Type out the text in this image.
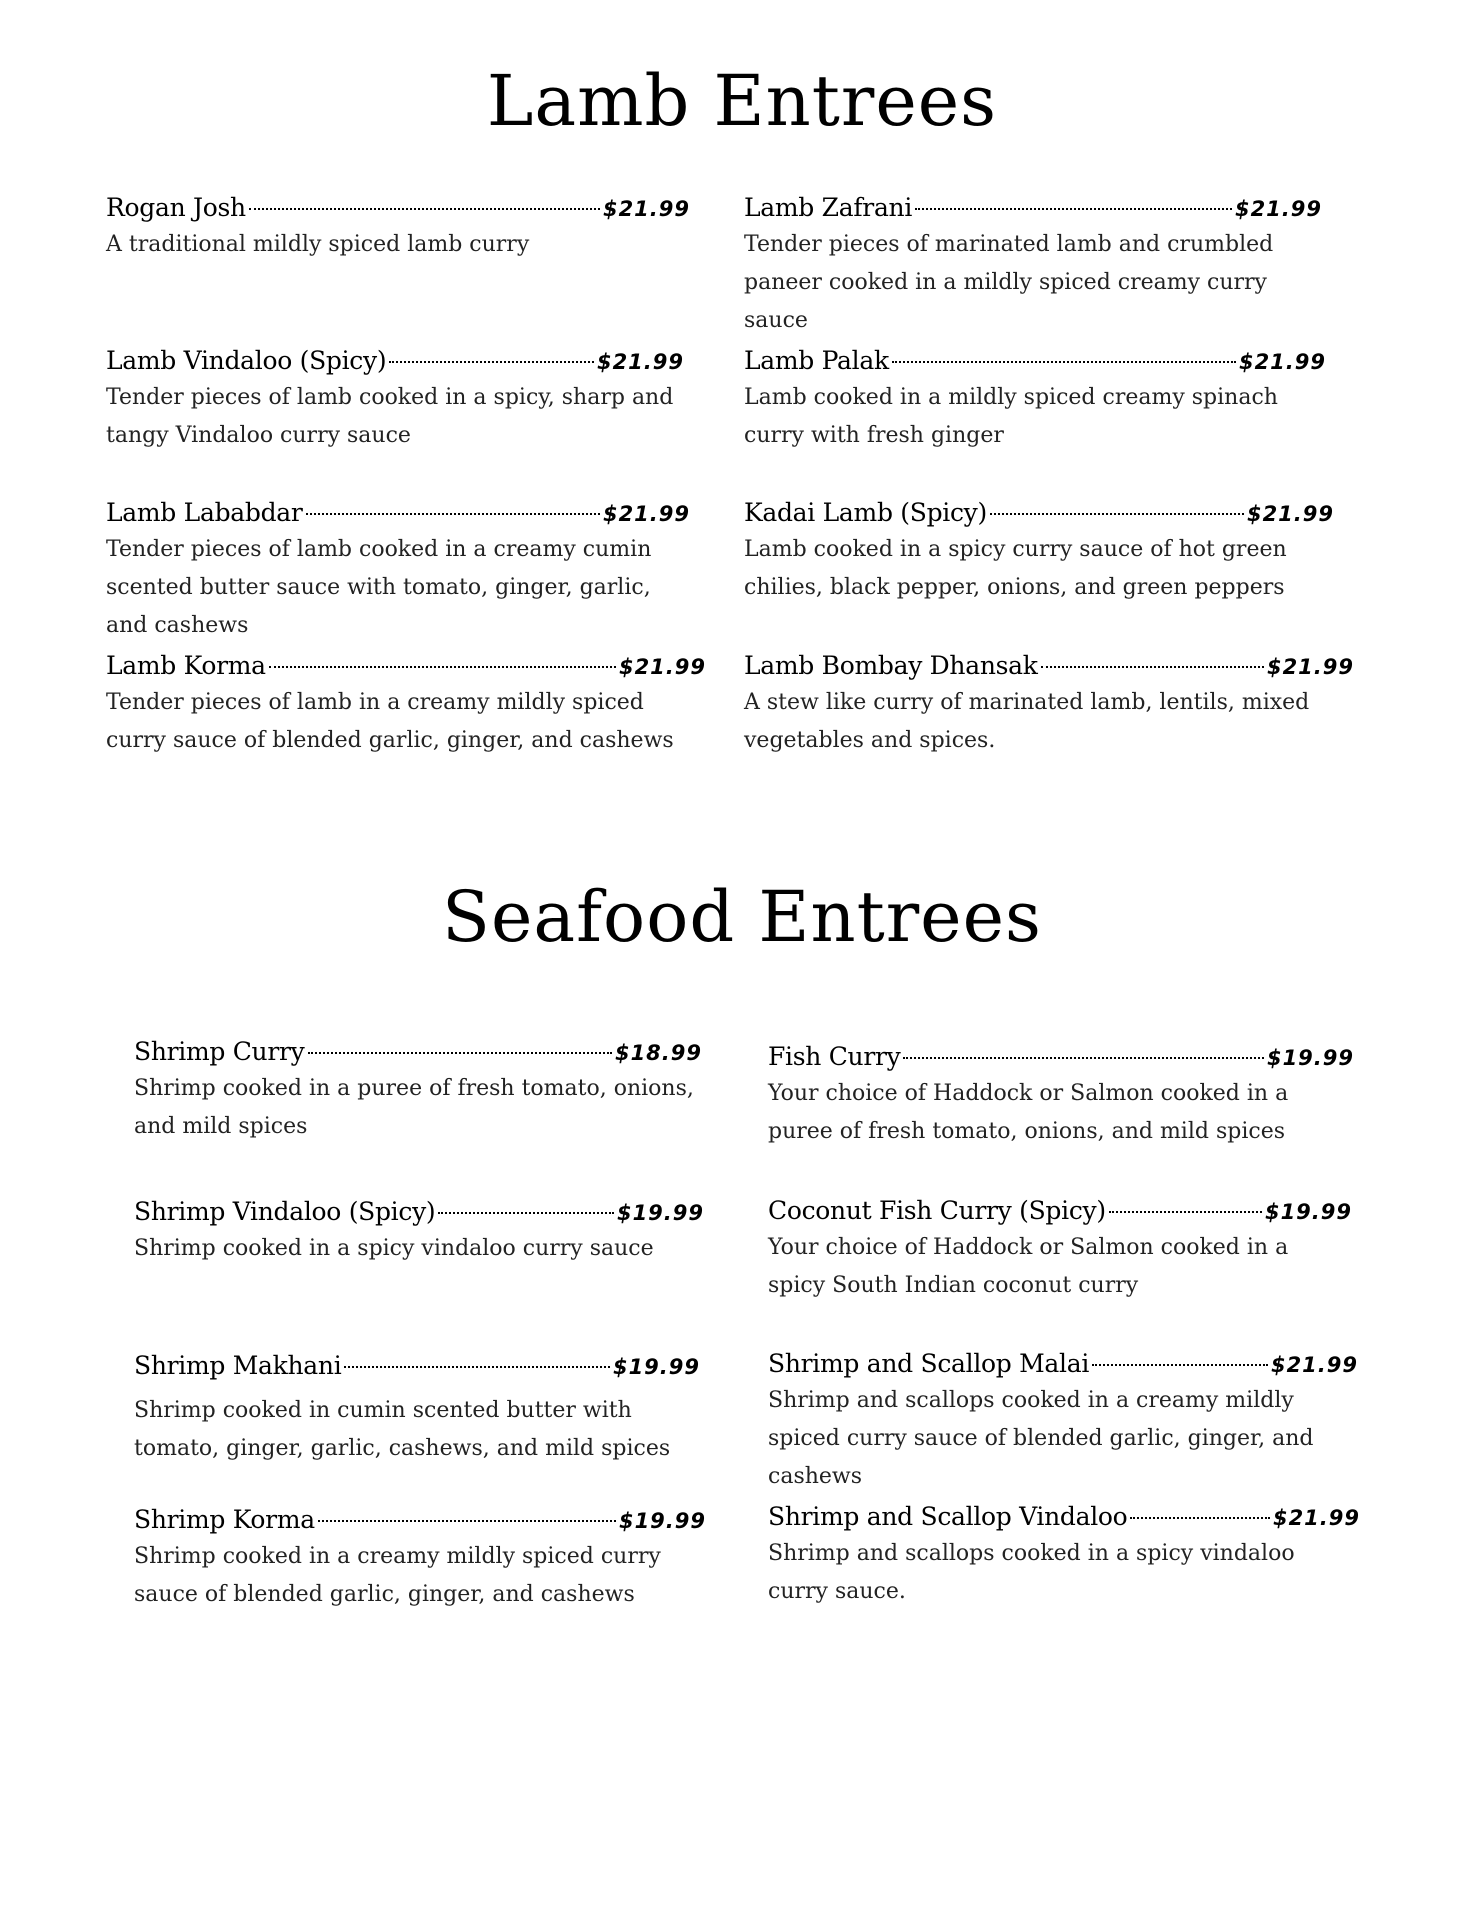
Lamb Entrees
Rogan Josh	$21.99
A traditional mildly spiced lamb curry
Lamb Vindaloo (Spicy)	$21.99
Tender pieces of lamb cooked in a spicy, sharp and tangy Vindaloo curry sauce
Lamb Lababdar	$21.99
Tender pieces of lamb cooked in a creamy cumin scented butter sauce with tomato, ginger, garlic, and cashews
Lamb Korma	$21.99
Tender pieces of lamb in a creamy mildly spiced curry sauce of blended garlic, ginger, and cashews
Lamb Zafrani	$21.99
Tender pieces of marinated lamb and crumbled paneer cooked in a mildly spiced creamy curry sauce
Lamb Palak	$21.99
Lamb cooked in a mildly spiced creamy spinach curry with fresh ginger
Kadai Lamb (Spicy)	$21.99
Lamb cooked in a spicy curry sauce of hot green chilies, black pepper, onions, and green peppers
Lamb Bombay Dhansak	$21.99
A stew like curry of marinated lamb, lentils, mixed vegetables and spices.
Seafood Entrees
Shrimp Curry	$18.99
Shrimp cooked in a puree of fresh tomato, onions, and mild spices
Shrimp Vindaloo (Spicy)	$19.99
Shrimp cooked in a spicy vindaloo curry sauce
Shrimp Makhani	$19.99
Shrimp cooked in cumin scented butter with tomato, ginger, garlic, cashews, and mild spices
Shrimp Korma	$19.99
Shrimp cooked in a creamy mildly spiced curry sauce of blended garlic, ginger, and cashews
Fish Curry	$19.99
Your choice of Haddock or Salmon cooked in a puree of fresh tomato, onions, and mild spices
Coconut Fish Curry (Spicy)	$19.99
Your choice of Haddock or Salmon cooked in a spicy South Indian coconut curry
Shrimp and Scallop Malai	$21.99
Shrimp and scallops cooked in a creamy mildly spiced curry sauce of blended garlic, ginger, and cashews
Shrimp and Scallop Vindaloo	$21.99
Shrimp and scallops cooked in a spicy vindaloo curry sauce.
